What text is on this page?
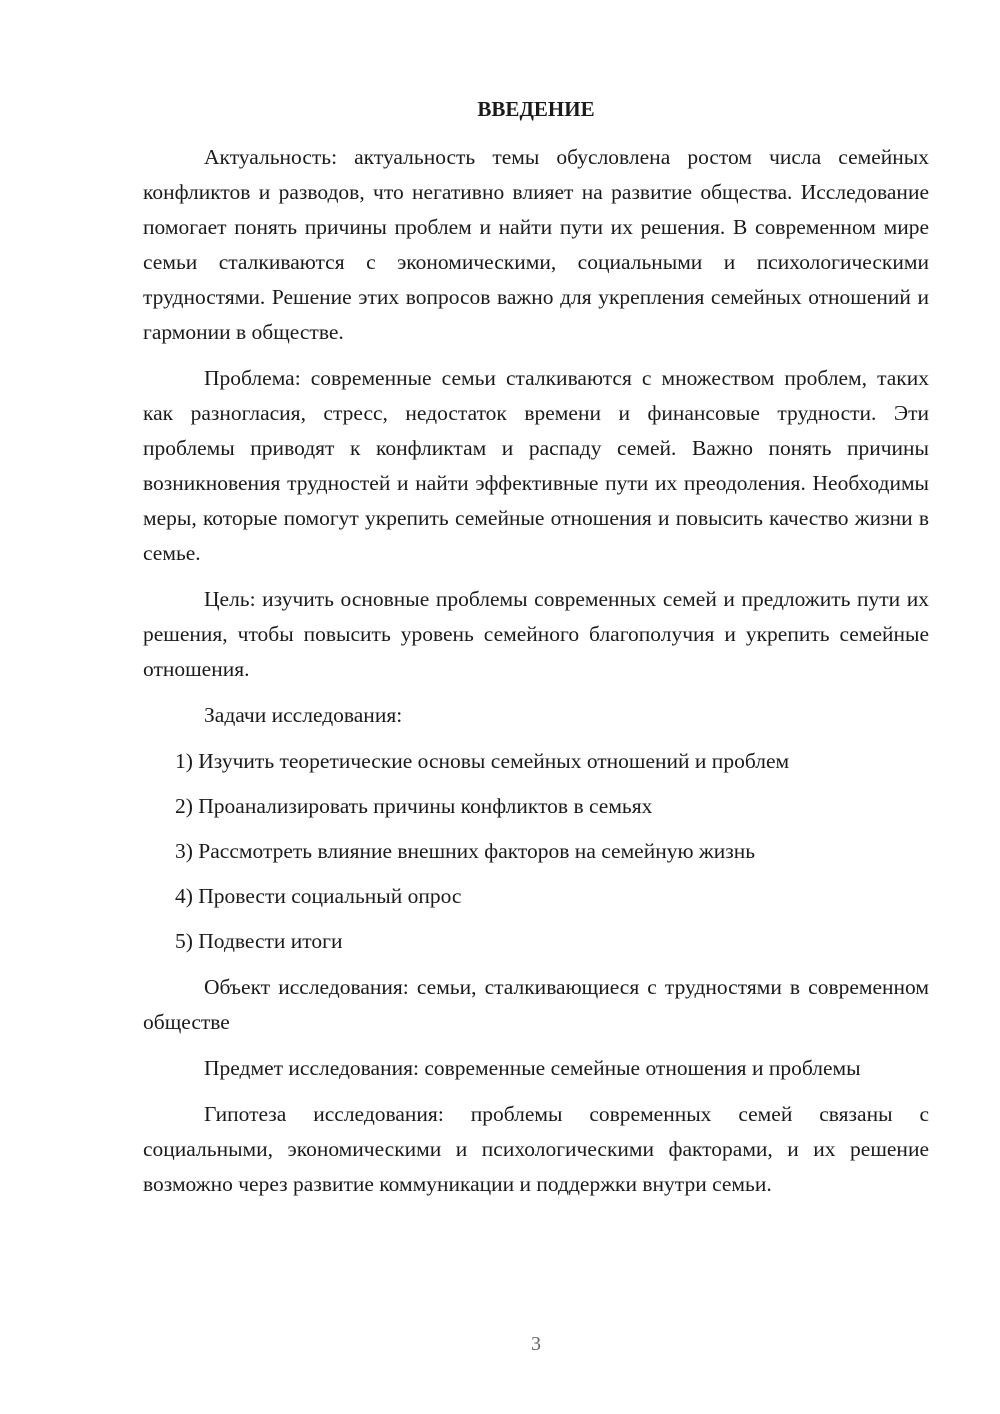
ВВЕДЕНИЕ

Актуальность: актуальность темы обусловлена ростом числа семейных конфликтов и разводов, что негативно влияет на развитие общества. Исследование помогает понять причины проблем и найти пути их решения. В современном мире семьи сталкиваются с экономическими, социальными и психологическими трудностями. Решение этих вопросов важно для укрепления семейных отношений и гармонии в обществе.

Проблема: современные семьи сталкиваются с множеством проблем, таких как разногласия, стресс, недостаток времени и финансовые трудности. Эти проблемы приводят к конфликтам и распаду семей. Важно понять причины возникновения трудностей и найти эффективные пути их преодоления. Необходимы меры, которые помогут укрепить семейные отношения и повысить качество жизни в семье.

Цель: изучить основные проблемы современных семей и предложить пути их решения, чтобы повысить уровень семейного благополучия и укрепить семейные отношения.

Задачи исследования:

1) Изучить теоретические основы семейных отношений и проблем
2) Проанализировать причины конфликтов в семьях
3) Рассмотреть влияние внешних факторов на семейную жизнь
4) Провести социальный опрос
5) Подвести итоги

Объект исследования: семьи, сталкивающиеся с трудностями в современном обществе

Предмет исследования: современные семейные отношения и проблемы

Гипотеза исследования: проблемы современных семей связаны с социальными, экономическими и психологическими факторами, и их решение возможно через развитие коммуникации и поддержки внутри семьи.

3
